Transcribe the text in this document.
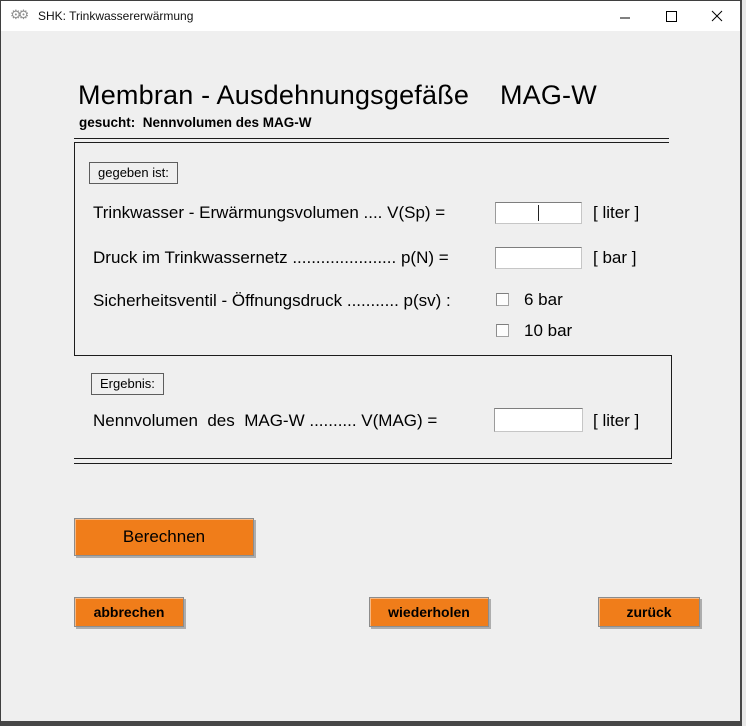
⚙⚙ SHK: Trinkwassererwärmung
Membran - Ausdehnungsgefäße    MAG-W
gesucht:  Nennvolumen des MAG-W
gegeben ist:
Trinkwasser - Erwärmungsvolumen .... V(Sp) =	[ liter ]
Druck im Trinkwassernetz ...................... p(N) =	[ bar ]
Sicherheitsventil - Öffnungsdruck ........... p(sv) :	6 bar
10 bar
Ergebnis:
Nennvolumen  des  MAG-W .......... V(MAG) =	[ liter ]
Berechnen
abbrechen	wiederholen	zurück
